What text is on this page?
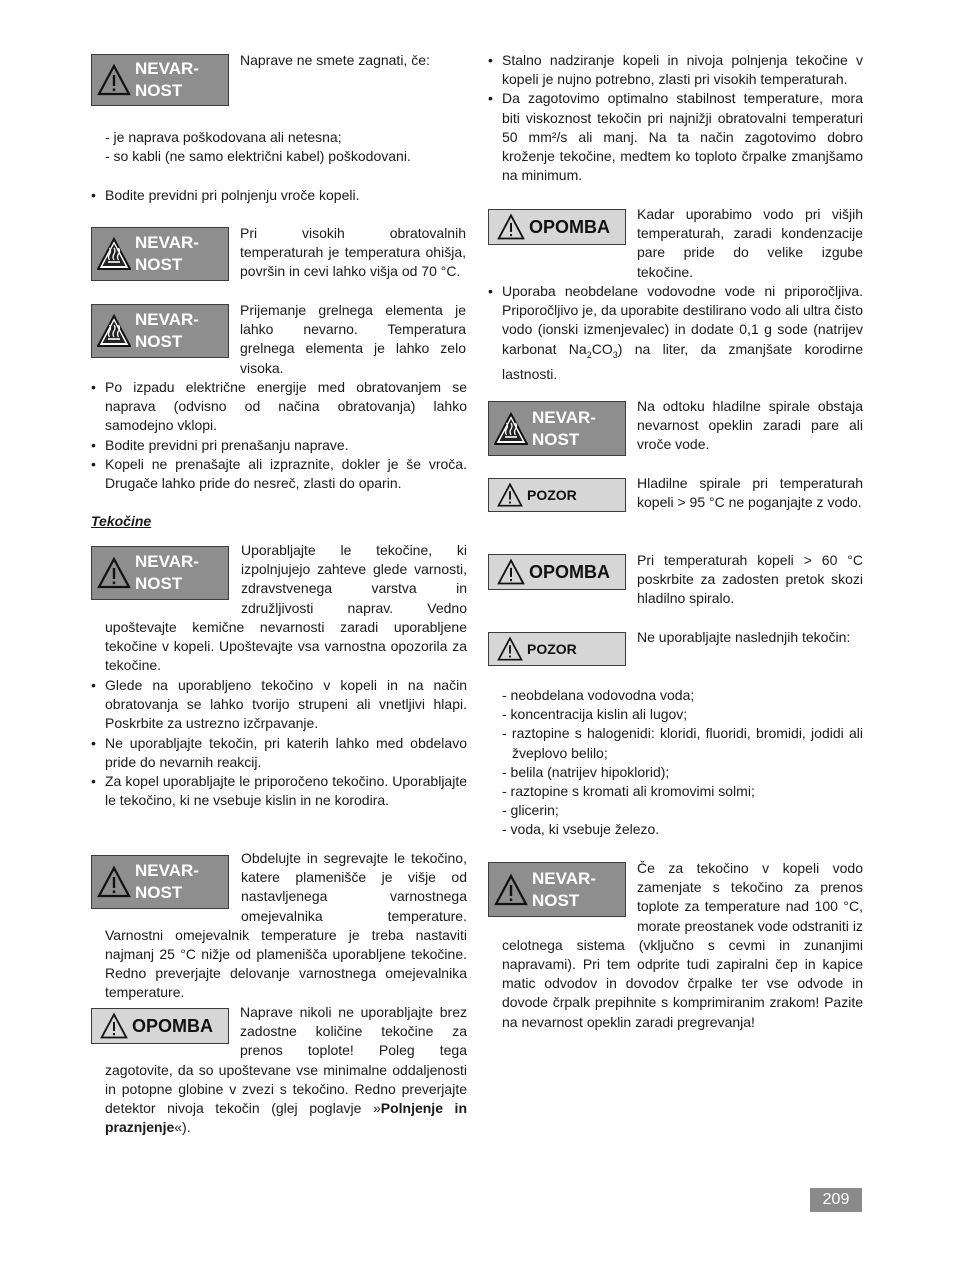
NEVAR-
NOST
Naprave ne smete zagnati, če:
- je naprava poškodovana ali netesna;
- so kabli (ne samo električni kabel) poškodovani.
• Bodite previdni pri polnjenju vroče kopeli.
NEVAR-
NOST
Pri visokih obratovalnih temperaturah je temperatura ohišja, površin in cevi lahko višja od 70 °C.
NEVAR-
NOST
Prijemanje grelnega elementa je lahko nevarno. Temperatura grelnega elementa je lahko zelo visoka.
• Po izpadu električne energije med obratovanjem se naprava (odvisno od načina obratovanja) lahko samodejno vklopi.
• Bodite previdni pri prenašanju naprave.
• Kopeli ne prenašajte ali izpraznite, dokler je še vroča. Drugače lahko pride do nesreč, zlasti do oparin.
Tekočine
NEVAR-
NOST
Uporabljajte le tekočine, ki izpolnjujejo zahteve glede varnosti, zdravstvenega varstva in združljivosti naprav. Vedno upoštevajte kemične nevarnosti zaradi uporabljene tekočine v kopeli. Upoštevajte vsa varnostna opozorila za tekočine.
• Glede na uporabljeno tekočino v kopeli in na način obratovanja se lahko tvorijo strupeni ali vnetljivi hlapi. Poskrbite za ustrezno izčrpavanje.
• Ne uporabljajte tekočin, pri katerih lahko med obdelavo pride do nevarnih reakcij.
• Za kopel uporabljajte le priporočeno tekočino. Uporabljajte le tekočino, ki ne vsebuje kislin in ne korodira.
NEVAR-
NOST
Obdelujte in segrevajte le tekočino, katere plamenišče je višje od nastavljenega varnostnega omejevalnika temperature. Varnostni omejevalnik temperature je treba nastaviti najmanj 25 °C nižje od plamenišča uporabljene tekočine. Redno preverjajte delovanje varnostnega omejevalnika temperature.
OPOMBA
Naprave nikoli ne uporabljajte brez zadostne količine tekočine za prenos toplote! Poleg tega zagotovite, da so upoštevane vse minimalne oddaljenosti in potopne globine v zvezi s tekočino. Redno preverjajte detektor nivoja tekočin (glej poglavje »Polnjenje in praznjenje«).
• Stalno nadziranje kopeli in nivoja polnjenja tekočine v kopeli je nujno potrebno, zlasti pri visokih temperaturah.
• Da zagotovimo optimalno stabilnost temperature, mora biti viskoznost tekočin pri najnižji obratovalni temperaturi 50 mm²/s ali manj. Na ta način zagotovimo dobro kroženje tekočine, medtem ko toploto črpalke zmanjšamo na minimum.
OPOMBA
Kadar uporabimo vodo pri višjih temperaturah, zaradi kondenzacije pare pride do velike izgube tekočine.
• Uporaba neobdelane vodovodne vode ni priporočljiva. Priporočljivo je, da uporabite destilirano vodo ali ultra čisto vodo (ionski izmenjevalec) in dodate 0,1 g sode (natrijev karbonat $Na_2CO_3$) na liter, da zmanjšate korodirne lastnosti.
NEVAR-
NOST
Na odtoku hladilne spirale obstaja nevarnost opeklin zaradi pare ali vroče vode.
POZOR
Hladilne spirale pri temperaturah kopeli > 95 °C ne poganjajte z vodo.
OPOMBA
Pri temperaturah kopeli > 60 °C poskrbite za zadosten pretok skozi hladilno spiralo.
POZOR
Ne uporabljajte naslednjih tekočin:
- neobdelana vodovodna voda;
- koncentracija kislin ali lugov;
- raztopine s halogenidi: kloridi, fluoridi, bromidi, jodidi ali žveplovo belilo;
- belila (natrijev hipoklorid);
- raztopine s kromati ali kromovimi solmi;
- glicerin;
- voda, ki vsebuje železo.
NEVAR-
NOST
Če za tekočino v kopeli vodo zamenjate s tekočino za prenos toplote za temperature nad 100 °C, morate preostanek vode odstraniti iz celotnega sistema (vključno s cevmi in zunanjimi napravami). Pri tem odprite tudi zapiralni čep in kapice matic odvodov in dovodov črpalke ter vse odvode in dovode črpalk prepihnite s komprimiranim zrakom! Pazite na nevarnost opeklin zaradi pregrevanja!
209
